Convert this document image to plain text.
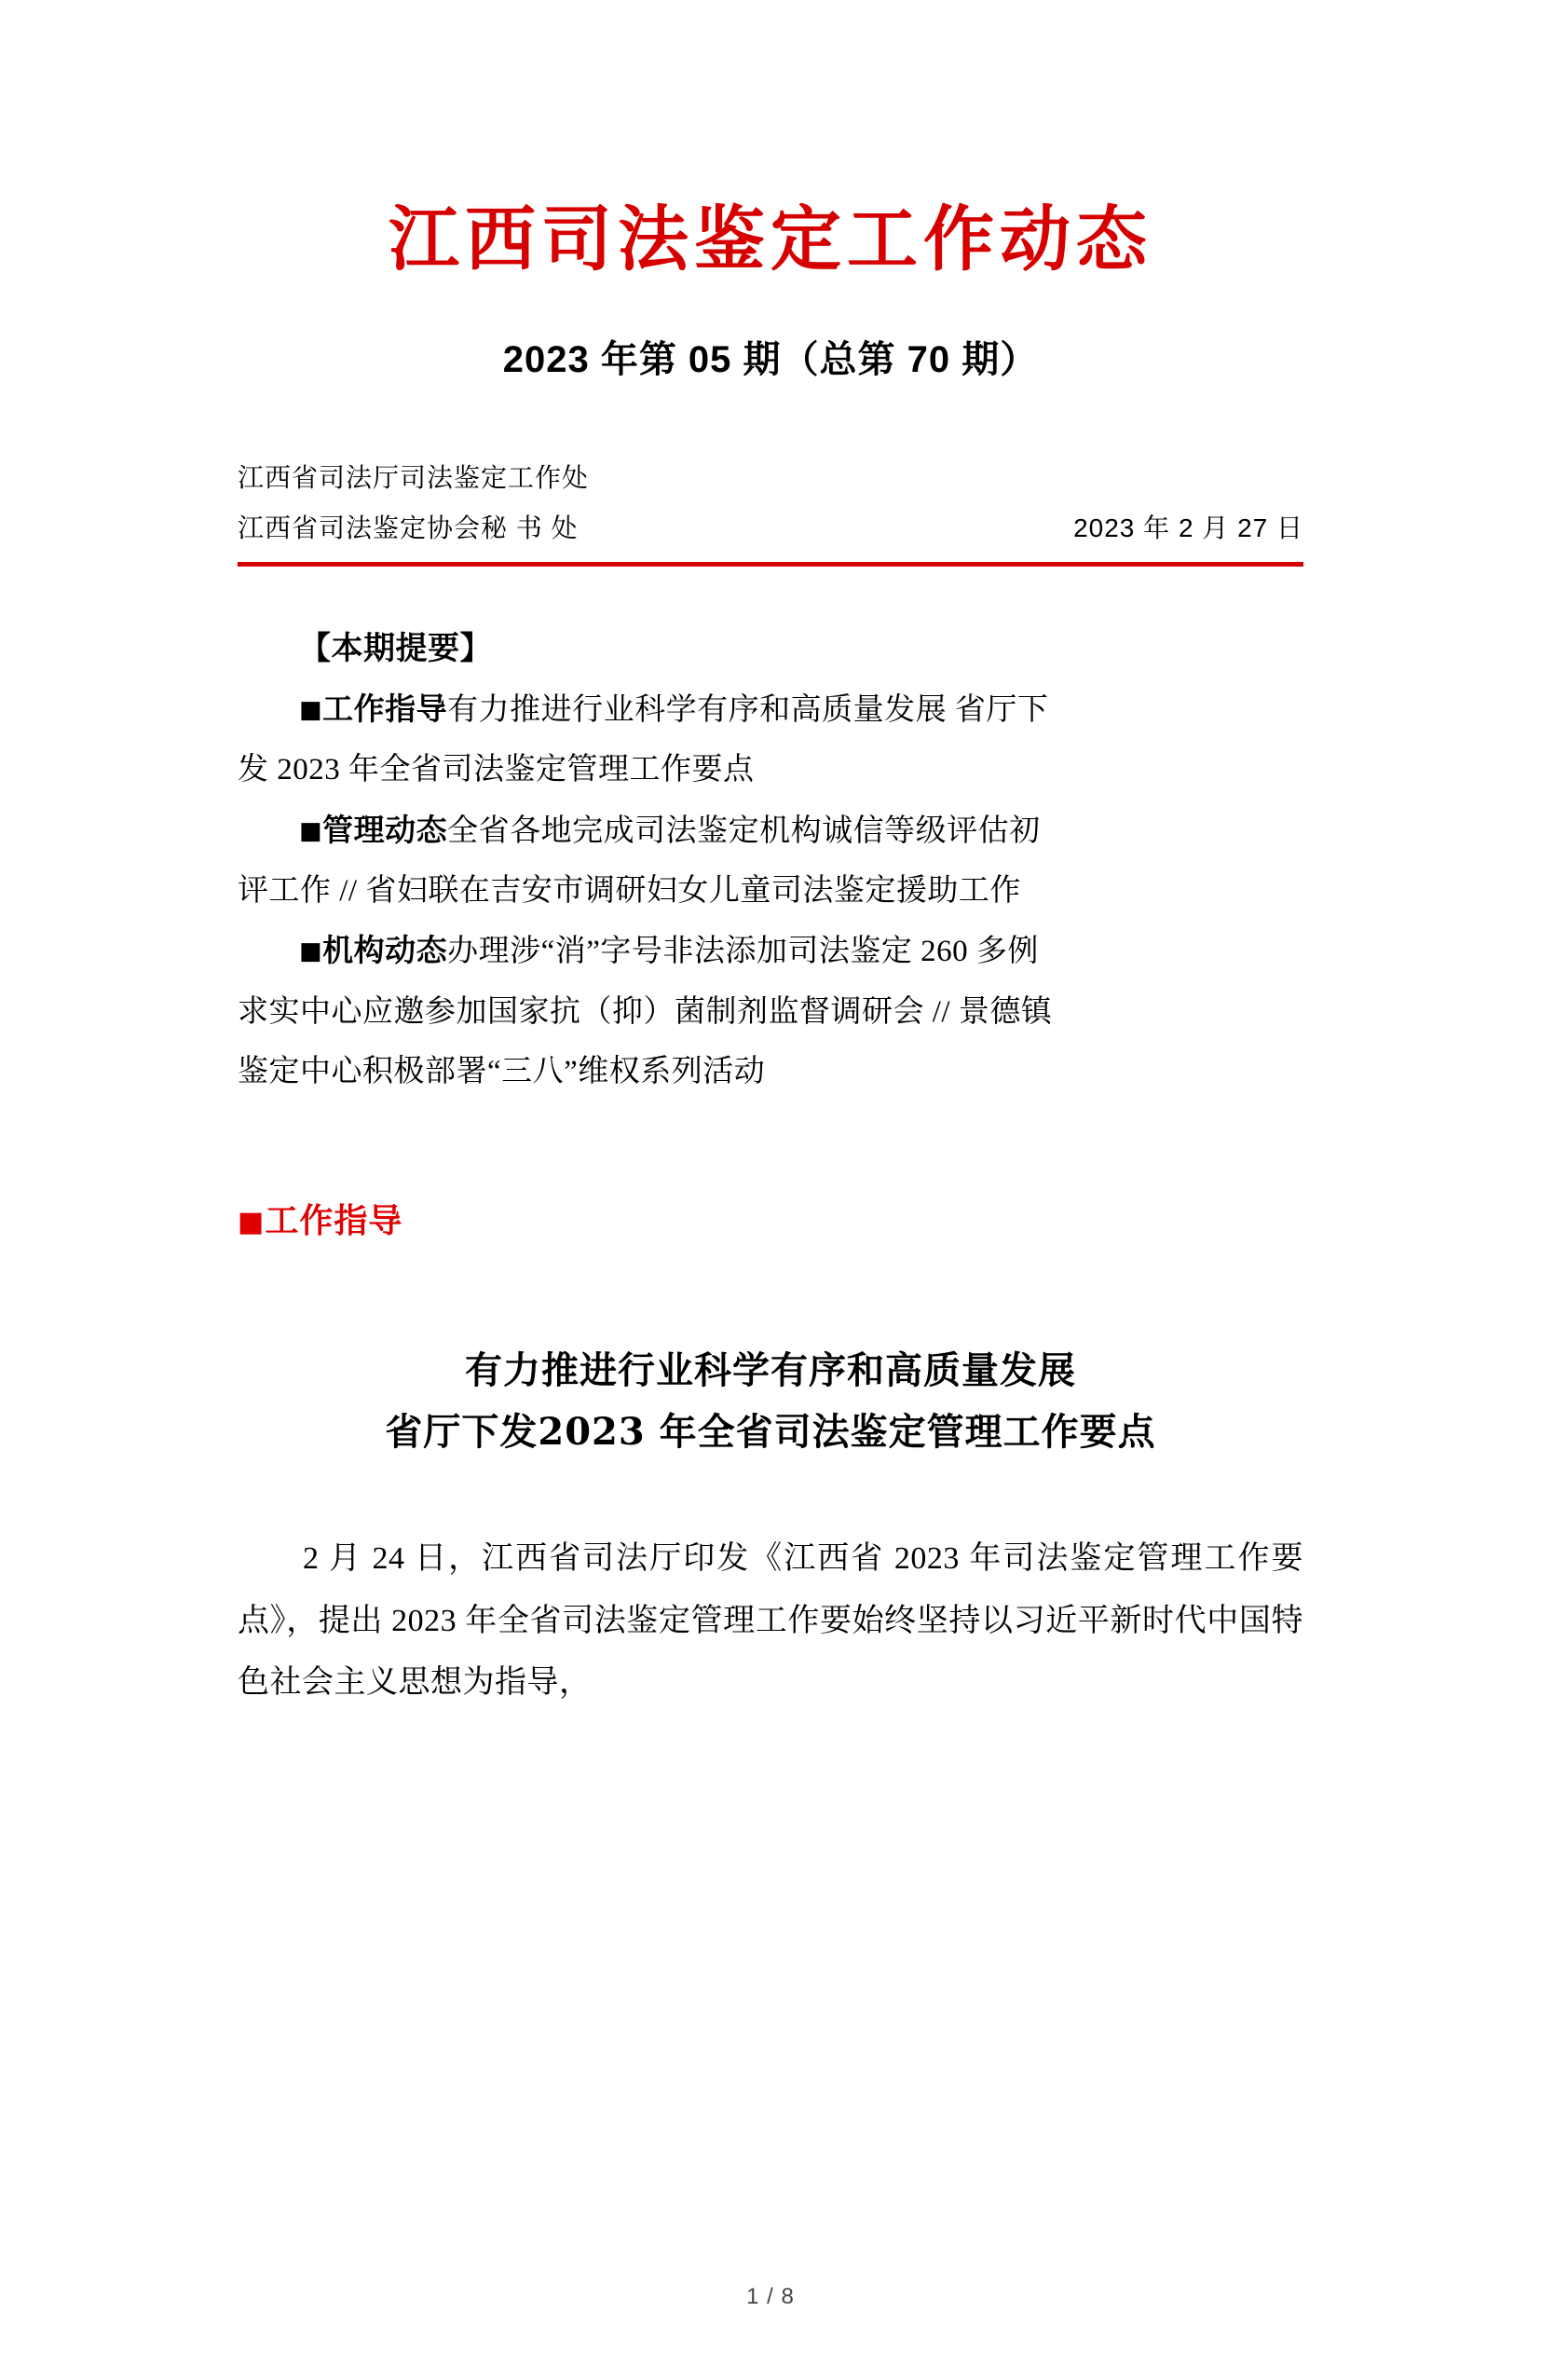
江西司法鉴定工作动态
2023 年第 05 期（总第 70 期）
江西省司法厅司法鉴定工作处
江西省司法鉴定协会秘 书 处	2023 年 2 月 27 日
【本期提要】

■工作指导有力推进行业科学有序和高质量发展 省厅下

发 2023 年全省司法鉴定管理工作要点

■管理动态全省各地完成司法鉴定机构诚信等级评估初

评工作 // 省妇联在吉安市调研妇女儿童司法鉴定援助工作

■机构动态办理涉“消”字号非法添加司法鉴定 260 多例

求实中心应邀参加国家抗（抑）菌制剂监督调研会 // 景德镇

鉴定中心积极部署“三八”维权系列活动

■工作指导
有力推进行业科学有序和高质量发展
省厅下发2023 年全省司法鉴定管理工作要点

2 月 24 日，江西省司法厅印发《江西省 2023 年司法鉴定管理工作要点》，提出 2023 年全省司法鉴定管理工作要始终坚持以习近平新时代中国特色社会主义思想为指导，

1 / 8
